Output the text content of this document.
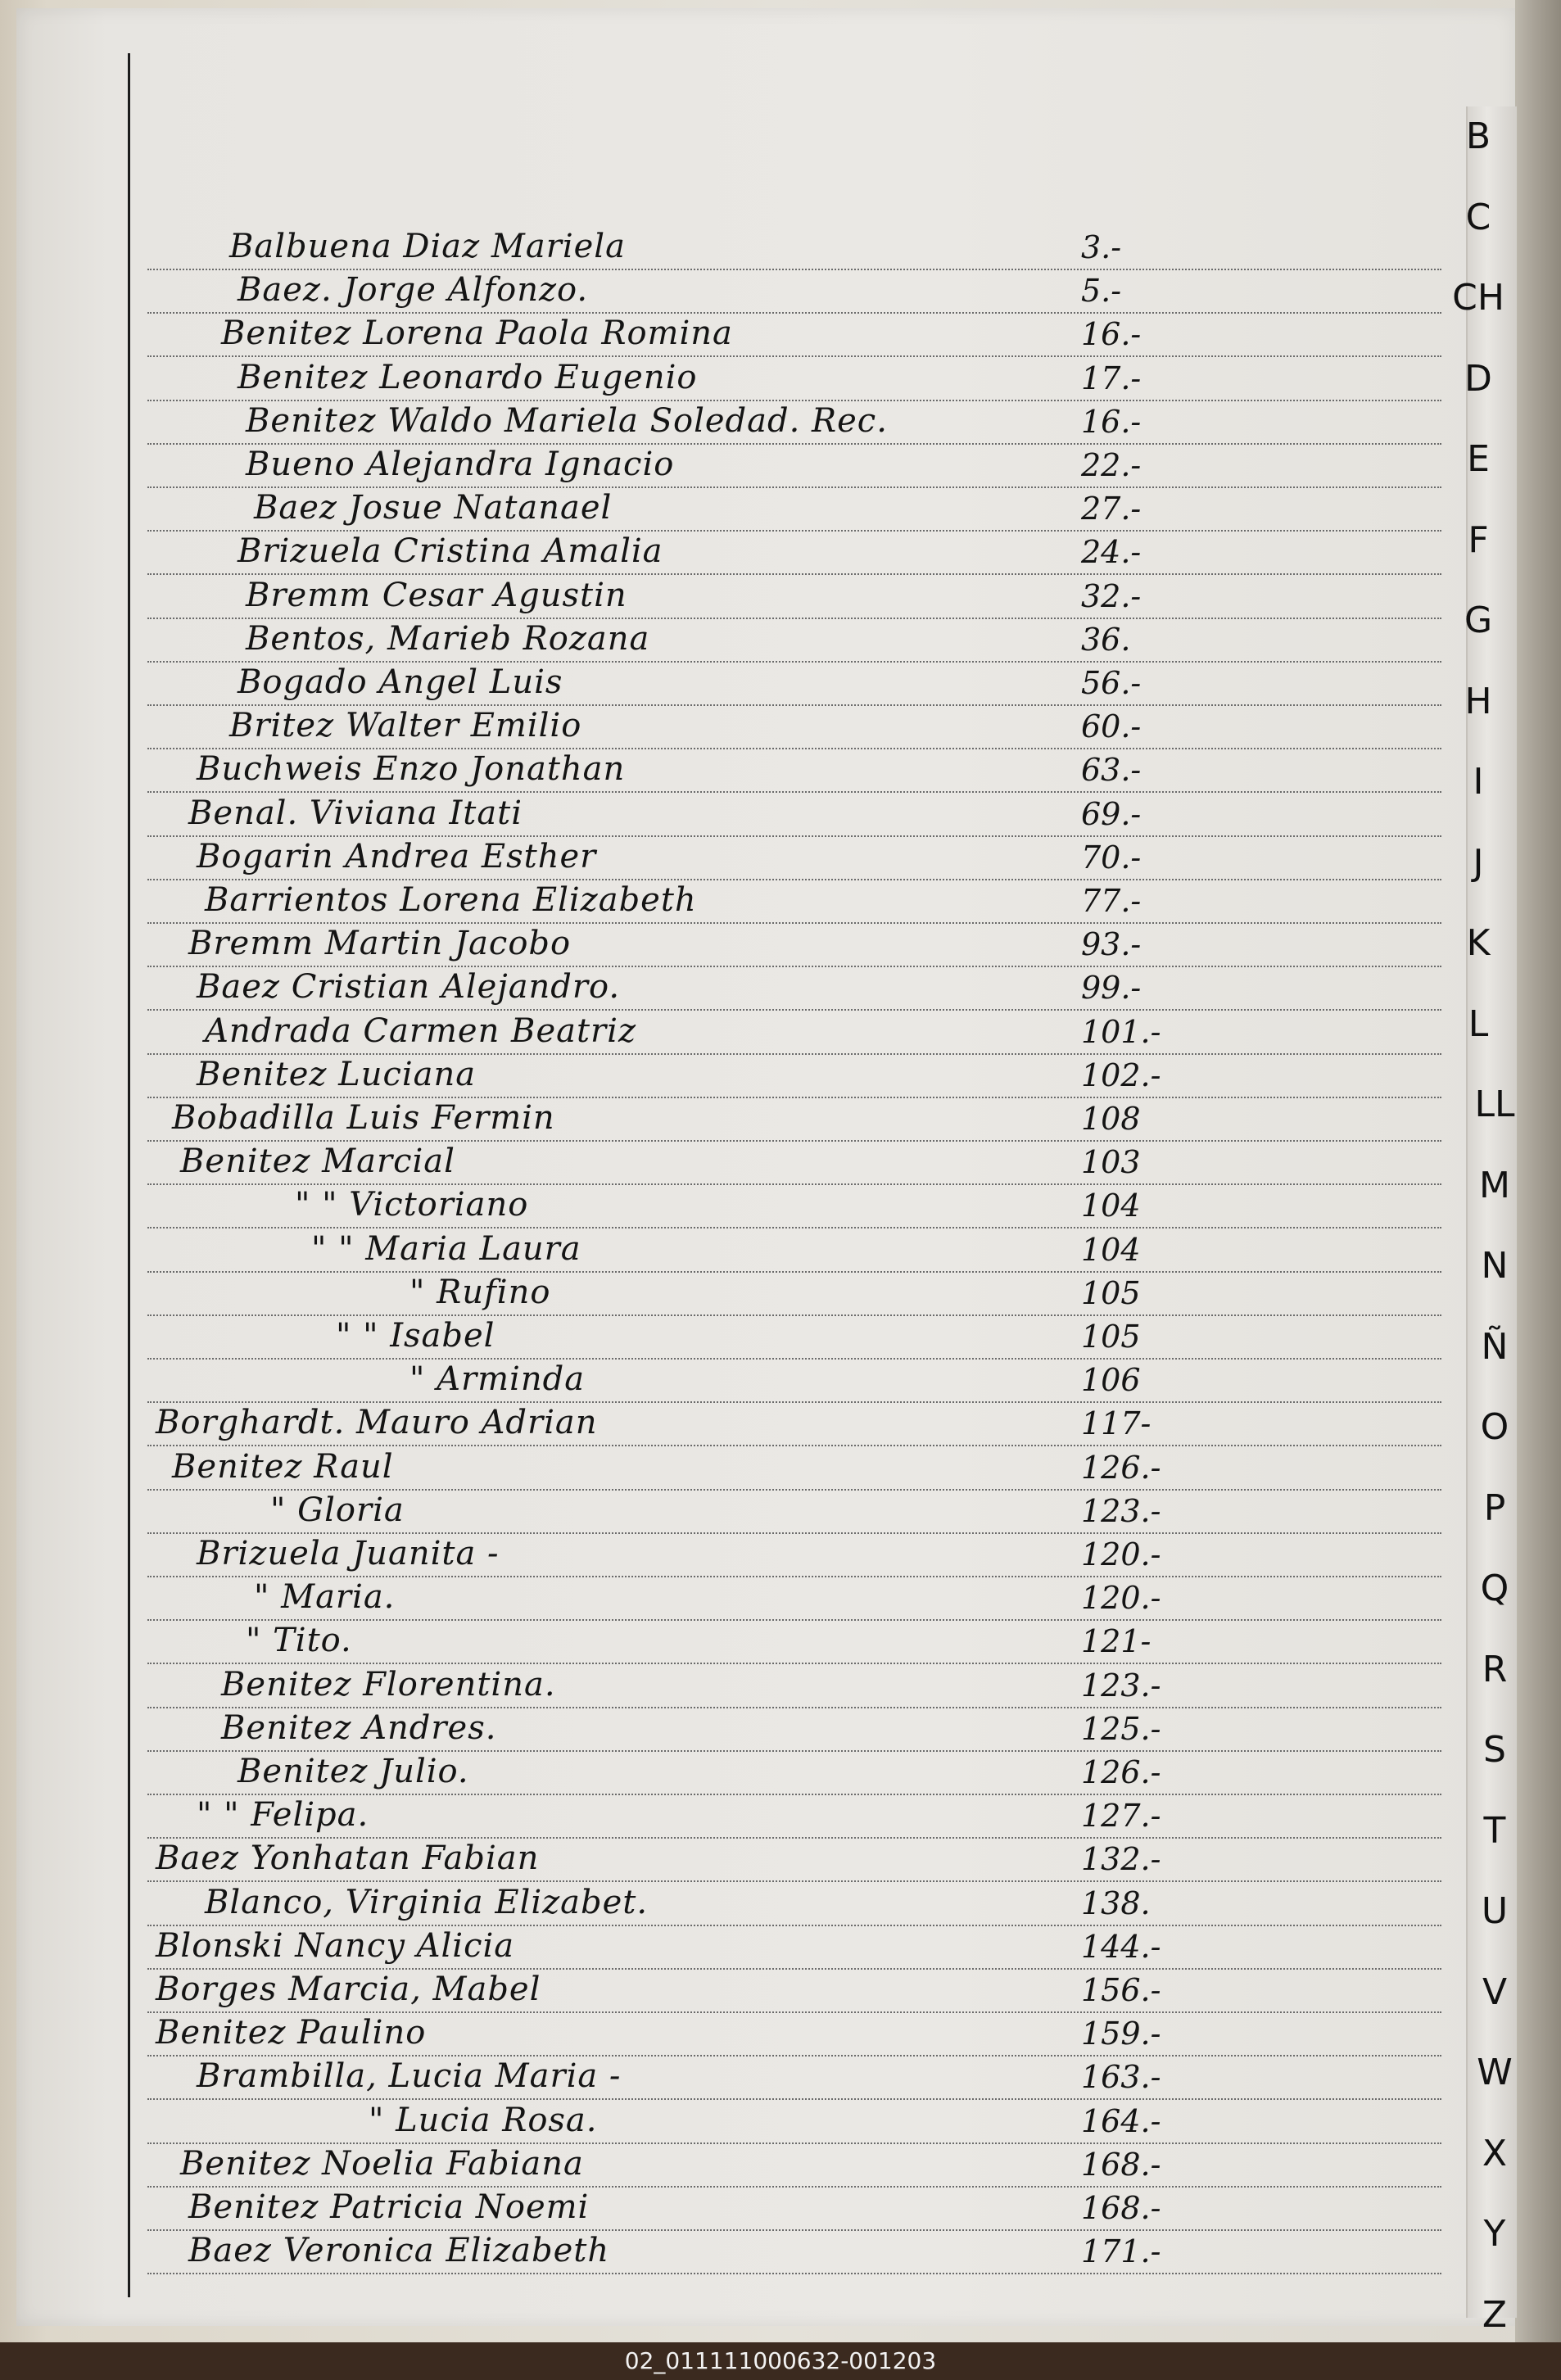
Balbuena Diaz Mariela	3.-
Baez. Jorge Alfonzo.	5.-
Benitez Lorena Paola Romina	16.-
Benitez Leonardo Eugenio	17.-
Benitez Waldo Mariela Soledad. Rec.	16.-
Bueno Alejandra Ignacio	22.-
Baez Josue Natanael	27.-
Brizuela Cristina Amalia	24.-
Bremm Cesar Agustin	32.-
Bentos, Marieb Rozana	36.
Bogado Angel Luis	56.-
Britez Walter Emilio	60.-
Buchweis Enzo Jonathan	63.-
Benal. Viviana Itati	69.-
Bogarin Andrea Esther	70.-
Barrientos Lorena Elizabeth	77.-
Bremm Martin Jacobo	93.-
Baez Cristian Alejandro.	99.-
Andrada Carmen Beatriz	101.-
Benitez Luciana	102.-
Bobadilla Luis Fermin	108
Benitez Marcial	103
" " Victoriano	104
" " Maria Laura	104
" Rufino	105
" " Isabel	105
" Arminda	106
Borghardt. Mauro Adrian	117-
Benitez Raul	126.-
" Gloria	123.-
Brizuela Juanita -	120.-
" Maria.	120.-
" Tito.	121-
Benitez Florentina.	123.-
Benitez Andres.	125.-
Benitez Julio.	126.-
" " Felipa.	127.-
Baez Yonhatan Fabian	132.-
Blanco, Virginia Elizabet.	138.
Blonski Nancy Alicia	144.-
Borges Marcia, Mabel	156.-
Benitez Paulino	159.-
Brambilla, Lucia Maria -	163.-
" Lucia Rosa.	164.-
Benitez Noelia Fabiana	168.-
Benitez Patricia Noemi	168.-
Baez Veronica Elizabeth	171.-
B
C
CH
D
E
F
G
H
I
J
K
L
LL
M
N
Ñ
O
P
Q
R
S
T
U
V
W
X
Y
Z
02_011111000632-001203
